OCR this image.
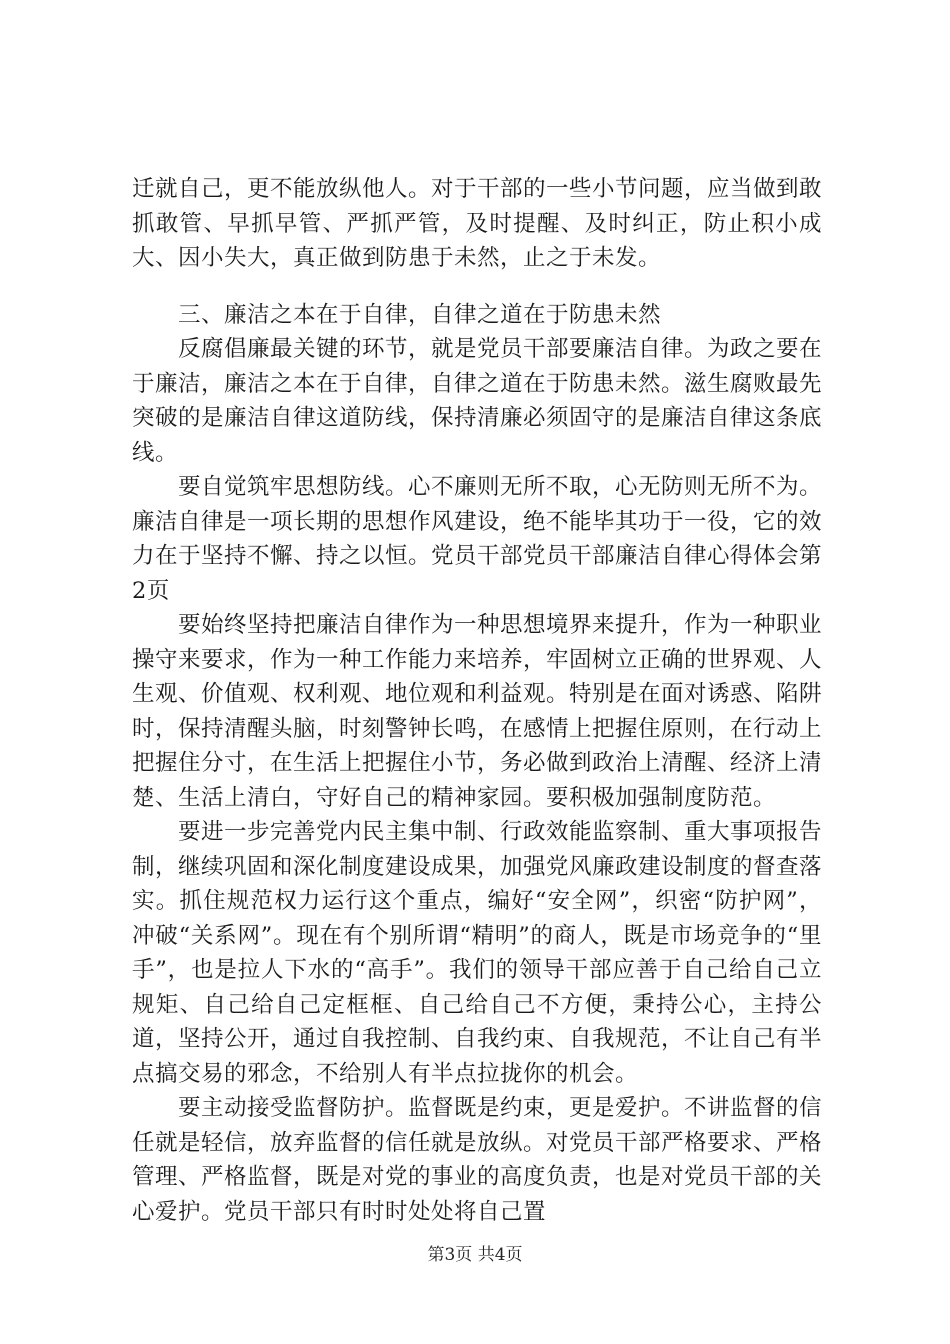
迁就自己，更不能放纵他人。对于干部的一些小节问题，应当做到敢抓敢管、早抓早管、严抓严管，及时提醒、及时纠正，防止积小成大、因小失大，真正做到防患于未然，止之于未发。

三、廉洁之本在于自律，自律之道在于防患未然

反腐倡廉最关键的环节，就是党员干部要廉洁自律。为政之要在于廉洁，廉洁之本在于自律，自律之道在于防患未然。滋生腐败最先突破的是廉洁自律这道防线，保持清廉必须固守的是廉洁自律这条底线。

要自觉筑牢思想防线。心不廉则无所不取，心无防则无所不为。廉洁自律是一项长期的思想作风建设，绝不能毕其功于一役，它的效力在于坚持不懈、持之以恒。党员干部党员干部廉洁自律心得体会第2页

要始终坚持把廉洁自律作为一种思想境界来提升，作为一种职业操守来要求，作为一种工作能力来培养，牢固树立正确的世界观、人生观、价值观、权利观、地位观和利益观。特别是在面对诱惑、陷阱时，保持清醒头脑，时刻警钟长鸣，在感情上把握住原则，在行动上把握住分寸，在生活上把握住小节，务必做到政治上清醒、经济上清楚、生活上清白，守好自己的精神家园。要积极加强制度防范。

要进一步完善党内民主集中制、行政效能监察制、重大事项报告制，继续巩固和深化制度建设成果，加强党风廉政建设制度的督查落实。抓住规范权力运行这个重点，编好“安全网”，织密“防护网”，冲破“关系网”。现在有个别所谓“精明”的商人，既是市场竞争的“里手”，也是拉人下水的“高手”。我们的领导干部应善于自己给自己立规矩、自己给自己定框框、自己给自己不方便，秉持公心，主持公道，坚持公开，通过自我控制、自我约束、自我规范，不让自己有半点搞交易的邪念，不给别人有半点拉拢你的机会。

要主动接受监督防护。监督既是约束，更是爱护。不讲监督的信任就是轻信，放弃监督的信任就是放纵。对党员干部严格要求、严格管理、严格监督，既是对党的事业的高度负责，也是对党员干部的关心爱护。党员干部只有时时处处将自己置

第3页 共4页
